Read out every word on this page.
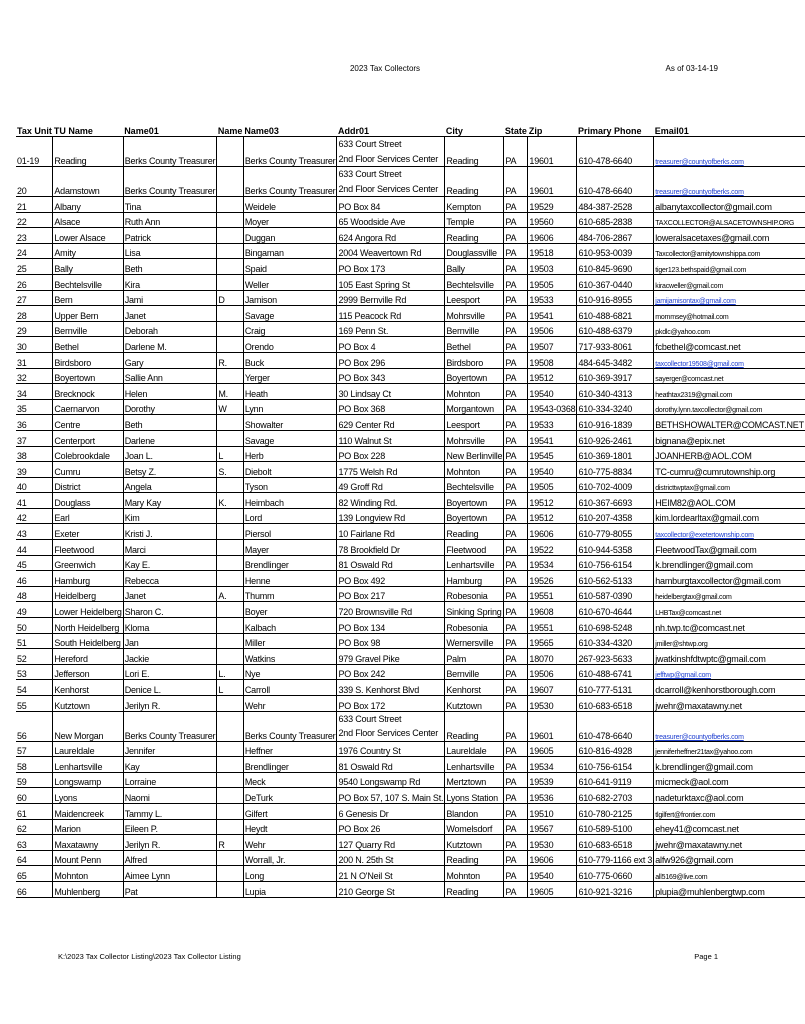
2023 Tax Collectors	As of 03-14-19
Tax Unit	TU Name	Name01	Name	Name03	Addr01	City	State	Zip	Primary Phone	Email01
01-19	Reading	Berks County Treasurer		Berks County Treasurer	633 Court Street
2nd Floor Services Center	Reading	PA	19601	610-478-6640	treasurer@countyofberks.com
20	Adamstown	Berks County Treasurer		Berks County Treasurer	633 Court Street
2nd Floor Services Center	Reading	PA	19601	610-478-6640	treasurer@countyofberks.com
21	Albany	Tina		Weidele	PO Box 84	Kempton	PA	19529	484-387-2528	albanytaxcollector@gmail.com
22	Alsace	Ruth Ann		Moyer	65 Woodside Ave	Temple	PA	19560	610-685-2838	TAXCOLLECTOR@ALSACETOWNSHIP.ORG
23	Lower Alsace	Patrick		Duggan	624 Angora Rd	Reading	PA	19606	484-706-2867	loweralsacetaxes@gmail.com
24	Amity	Lisa		Bingaman	2004 Weavertown Rd	Douglassville	PA	19518	610-953-0039	Taxcollector@amitytownshippa.com
25	Bally	Beth		Spaid	PO Box 173	Bally	PA	19503	610-845-9690	tiger123.bethspaid@gmail.com
26	Bechtelsville	Kira		Weller	105 East Spring St	Bechtelsville	PA	19505	610-367-0440	kiracweller@gmail.com
27	Bern	Jami	D	Jamison	2999 Bernville Rd	Leesport	PA	19533	610-916-8955	jamijamisontax@gmail.com
28	Upper Bern	Janet		Savage	115 Peacock Rd	Mohrsville	PA	19541	610-488-6821	mommsey@hotmail.com
29	Bernville	Deborah		Craig	169 Penn St.	Bernville	PA	19506	610-488-6379	pkdlc@yahoo.com
30	Bethel	Darlene M.		Orendo	PO Box 4	Bethel	PA	19507	717-933-8061	fcbethel@comcast.net
31	Birdsboro	Gary	R.	Buck	PO Box 296	Birdsboro	PA	19508	484-645-3482	taxcollector19508@gmail.com
32	Boyertown	Sallie Ann		Yerger	PO Box 343	Boyertown	PA	19512	610-369-3917	sayerger@comcast.net
34	Brecknock	Helen	M.	Heath	30 Lindsay Ct	Mohnton	PA	19540	610-340-4313	heathtax2319@gmail.com
35	Caernarvon	Dorothy	W	Lynn	PO Box 368	Morgantown	PA	19543-0368	610-334-3240	dorothy.lynn.taxcollector@gmail.com
36	Centre	Beth		Showalter	629 Center Rd	Leesport	PA	19533	610-916-1839	BETHSHOWALTER@COMCAST.NET
37	Centerport	Darlene		Savage	110 Walnut St	Mohrsville	PA	19541	610-926-2461	bignana@epix.net
38	Colebrookdale	Joan L.	L	Herb	PO Box 228	New Berlinville	PA	19545	610-369-1801	JOANHERB@AOL.COM
39	Cumru	Betsy Z.	S.	Diebolt	1775 Welsh Rd	Mohnton	PA	19540	610-775-8834	TC-cumru@cumrutownship.org
40	District	Angela		Tyson	49 Groff Rd	Bechtelsville	PA	19505	610-702-4009	districttwptax@gmail.com
41	Douglass	Mary Kay	K.	Heimbach	82 Winding Rd.	Boyertown	PA	19512	610-367-6693	HEIM82@AOL.COM
42	Earl	Kim		Lord	139 Longview Rd	Boyertown	PA	19512	610-207-4358	kim.lordearltax@gmail.com
43	Exeter	Kristi J.		Piersol	10 Fairlane Rd	Reading	PA	19606	610-779-8055	taxcollector@exetertownship.com
44	Fleetwood	Marci		Mayer	78 Brookfield Dr	Fleetwood	PA	19522	610-944-5358	FleetwoodTax@gmail.com
45	Greenwich	Kay E.		Brendlinger	81 Oswald Rd	Lenhartsville	PA	19534	610-756-6154	k.brendlinger@gmail.com
46	Hamburg	Rebecca		Henne	PO Box 492	Hamburg	PA	19526	610-562-5133	hamburgtaxcollector@gmail.com
48	Heidelberg	Janet	A.	Thumm	PO Box 217	Robesonia	PA	19551	610-587-0390	heidelbergtax@gmail.com
49	Lower Heidelberg	Sharon C.		Boyer	720 Brownsville Rd	Sinking Spring	PA	19608	610-670-4644	LHBTax@comcast.net
50	North Heidelberg	Kloma		Kalbach	PO Box 134	Robesonia	PA	19551	610-698-5248	nh.twp.tc@comcast.net
51	South Heidelberg	Jan		Miller	PO Box 98	Wernersville	PA	19565	610-334-4320	jmiller@shtwp.org
52	Hereford	Jackie		Watkins	979 Gravel Pike	Palm	PA	18070	267-923-5633	jwatkinshfdtwptc@gmail.com
53	Jefferson	Lori E.	L.	Nye	PO Box 242	Bernville	PA	19506	610-488-6741	jefftwp@gmail.com
54	Kenhorst	Denice L.	L	Carroll	339 S. Kenhorst Blvd	Kenhorst	PA	19607	610-777-5131	dcarroll@kenhorstborough.com
55	Kutztown	Jerilyn R.		Wehr	PO Box 172	Kutztown	PA	19530	610-683-6518	jwehr@maxatawny.net
56	New Morgan	Berks County Treasurer		Berks County Treasurer	633 Court Street
2nd Floor Services Center	Reading	PA	19601	610-478-6640	treasurer@countyofberks.com
57	Laureldale	Jennifer		Heffner	1976 Country St	Laureldale	PA	19605	610-816-4928	jenniferheffner21tax@yahoo.com
58	Lenhartsville	Kay		Brendlinger	81 Oswald Rd	Lenhartsville	PA	19534	610-756-6154	k.brendlinger@gmail.com
59	Longswamp	Lorraine		Meck	9540 Longswamp Rd	Mertztown	PA	19539	610-641-9119	micmeck@aol.com
60	Lyons	Naomi		DeTurk	PO Box 57, 107 S. Main St.	Lyons Station	PA	19536	610-682-2703	nadeturktaxc@aol.com
61	Maidencreek	Tammy L.		Gilfert	6 Genesis Dr	Blandon	PA	19510	610-780-2125	tlgilfert@frontier.com
62	Marion	Eileen P.		Heydt	PO Box 26	Womelsdorf	PA	19567	610-589-5100	ehey41@comcast.net
63	Maxatawny	Jerilyn R.	R	Wehr	127 Quarry Rd	Kutztown	PA	19530	610-683-6518	jwehr@maxatawny.net
64	Mount Penn	Alfred		Worrall, Jr.	200 N. 25th St	Reading	PA	19606	610-779-1166 ext 3	alfw926@gmail.com
65	Mohnton	Aimee Lynn		Long	21 N O'Neil St	Mohnton	PA	19540	610-775-0660	all5169@live.com
66	Muhlenberg	Pat		Lupia	210 George St	Reading	PA	19605	610-921-3216	plupia@muhlenbergtwp.com
K:\2023 Tax Collector Listing\2023 Tax Collector Listing	Page 1
